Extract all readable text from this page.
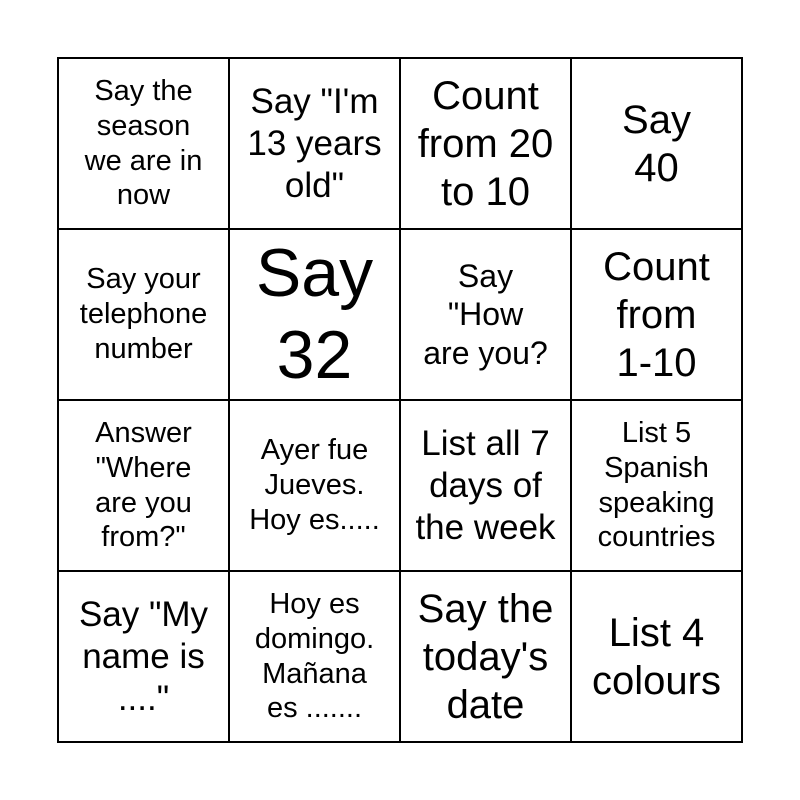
Say the
season
we are in
now
Say "I'm
13 years
old"
Count
from 20
to 10
Say
40
Say your
telephone
number
Say
32
Say
"How
are you?
Count
from
1-10
Answer
"Where
are you
from?"
Ayer fue
Jueves.
Hoy es.....
List all 7
days of
the week
List 5
Spanish
speaking
countries
Say "My
name is
...."
Hoy es
domingo.
Mañana
es .......
Say the
today's
date
List 4
colours
